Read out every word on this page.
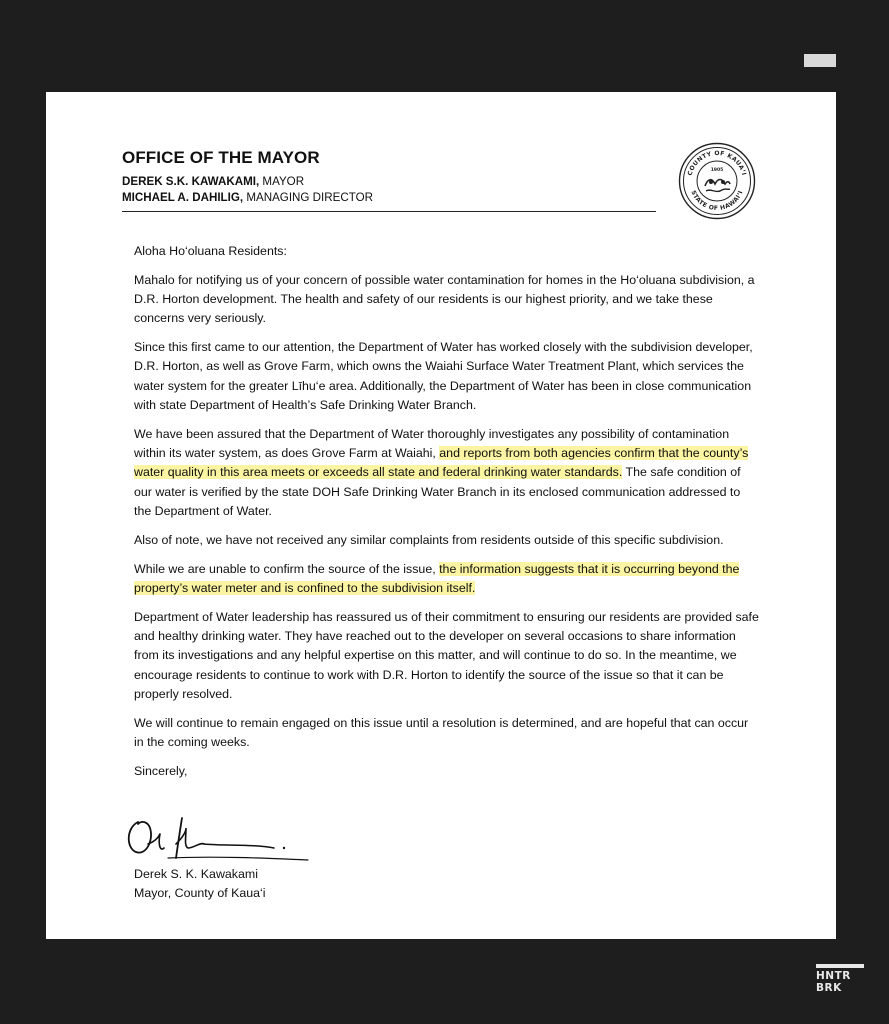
OFFICE OF THE MAYOR
DEREK S.K. KAWAKAMI, MAYOR
MICHAEL A. DAHILIG, MANAGING DIRECTOR
COUNTY OF KAUAʻI
STATE OF HAWAIʻI
1905

Aloha Ho‘oluana Residents:

Mahalo for notifying us of your concern of possible water contamination for homes in the Ho‘oluana subdivision, a D.R. Horton development. The health and safety of our residents is our highest priority, and we take these concerns very seriously.

Since this first came to our attention, the Department of Water has worked closely with the subdivision developer, D.R. Horton, as well as Grove Farm, which owns the Waiahi Surface Water Treatment Plant, which services the water system for the greater Līhu‘e area. Additionally, the Department of Water has been in close communication with state Department of Health’s Safe Drinking Water Branch.

We have been assured that the Department of Water thoroughly investigates any possibility of contamination within its water system, as does Grove Farm at Waiahi, and reports from both agencies confirm that the county’s water quality in this area meets or exceeds all state and federal drinking water standards. The safe condition of our water is verified by the state DOH Safe Drinking Water Branch in its enclosed communication addressed to the Department of Water.

Also of note, we have not received any similar complaints from residents outside of this specific subdivision.

While we are unable to confirm the source of the issue, the information suggests that it is occurring beyond the property’s water meter and is confined to the subdivision itself.

Department of Water leadership has reassured us of their commitment to ensuring our residents are provided safe and healthy drinking water. They have reached out to the developer on several occasions to share information from its investigations and any helpful expertise on this matter, and will continue to do so. In the meantime, we encourage residents to continue to work with D.R. Horton to identify the source of the issue so that it can be properly resolved.

We will continue to remain engaged on this issue until a resolution is determined, and are hopeful that can occur in the coming weeks.

Sincerely,

Derek S. K. Kawakami
Mayor, County of Kaua‘i
HNTR
BRK
